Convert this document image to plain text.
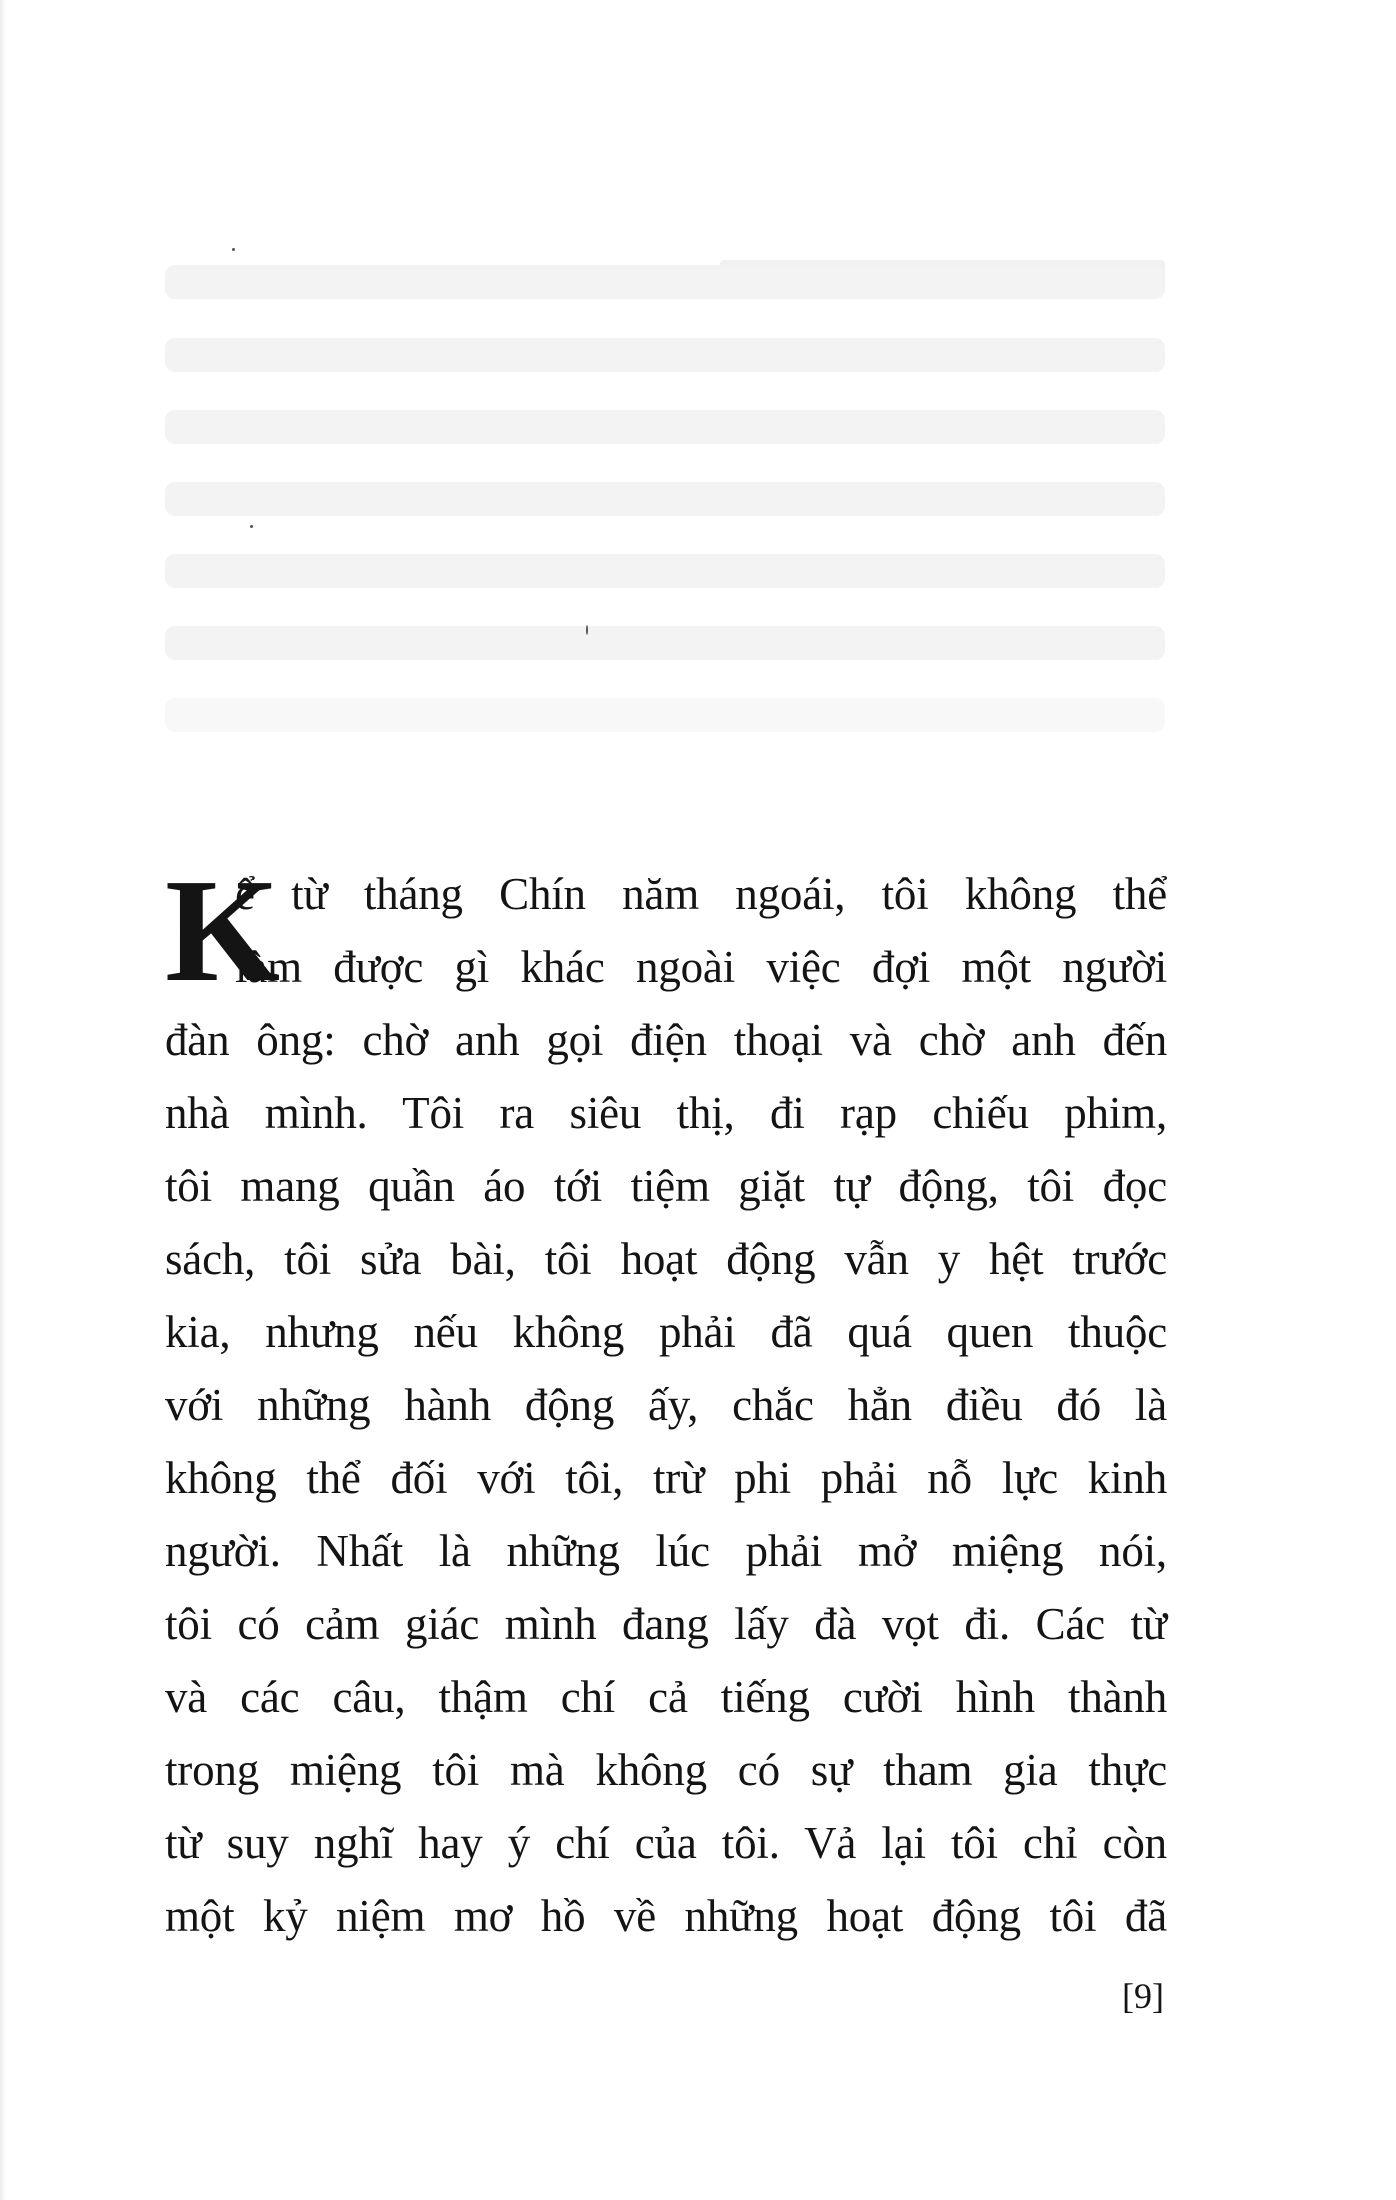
K
ể từ tháng Chín năm ngoái, tôi không thể
làm được gì khác ngoài việc đợi một người
đàn ông: chờ anh gọi điện thoại và chờ anh đến
nhà mình. Tôi ra siêu thị, đi rạp chiếu phim,
tôi mang quần áo tới tiệm giặt tự động, tôi đọc
sách, tôi sửa bài, tôi hoạt động vẫn y hệt trước
kia, nhưng nếu không phải đã quá quen thuộc
với những hành động ấy, chắc hẳn điều đó là
không thể đối với tôi, trừ phi phải nỗ lực kinh
người. Nhất là những lúc phải mở miệng nói,
tôi có cảm giác mình đang lấy đà vọt đi. Các từ
và các câu, thậm chí cả tiếng cười hình thành
trong miệng tôi mà không có sự tham gia thực
từ suy nghĩ hay ý chí của tôi. Vả lại tôi chỉ còn
một kỷ niệm mơ hồ về những hoạt động tôi đã
[9]
